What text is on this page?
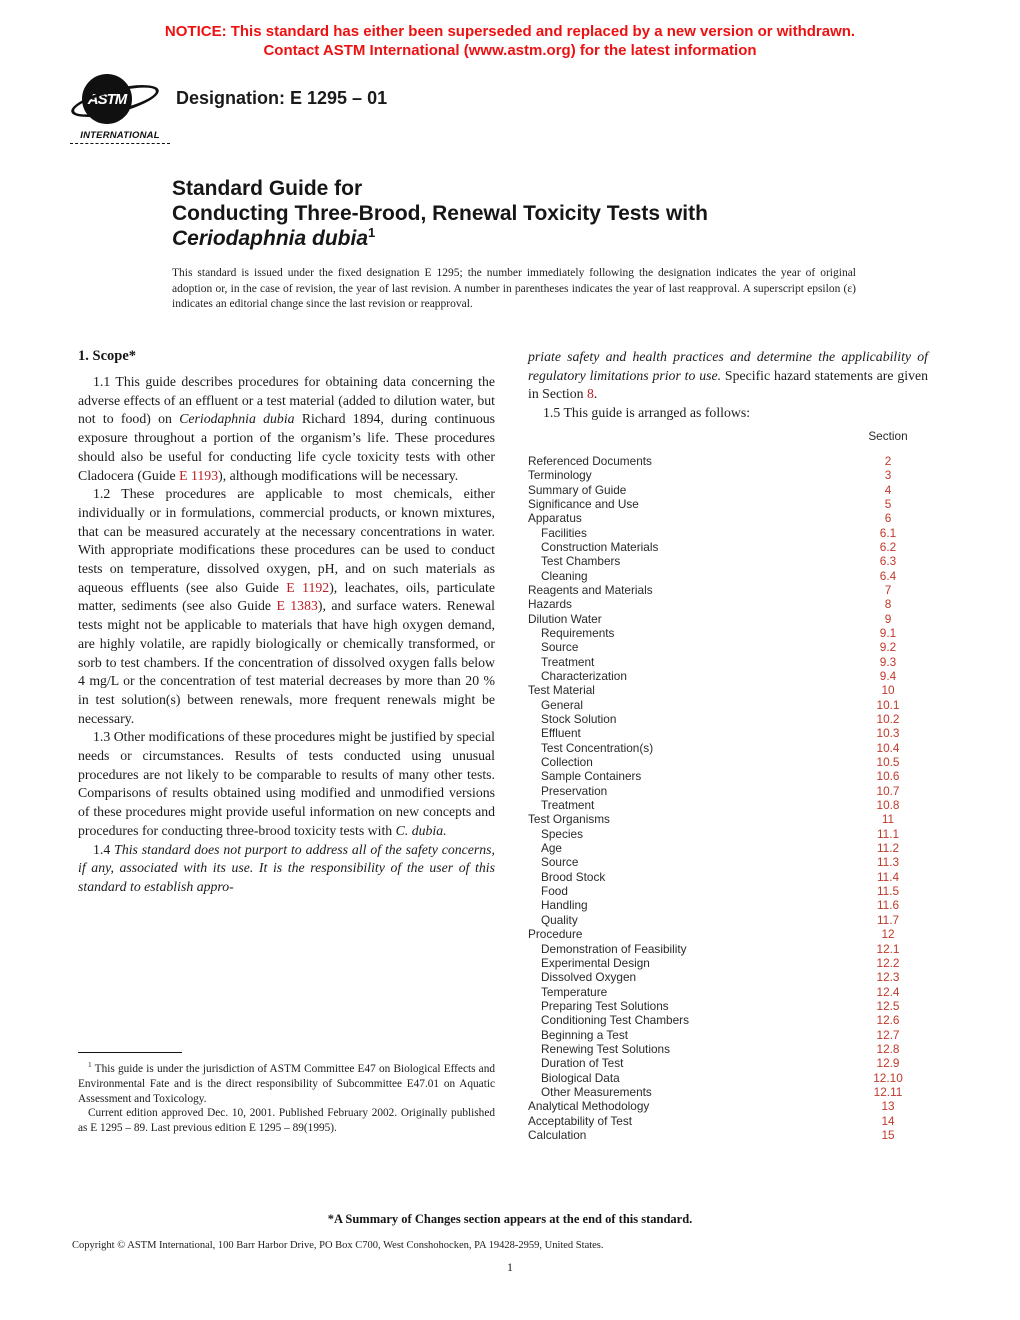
NOTICE: This standard has either been superseded and replaced by a new version or withdrawn.
Contact ASTM International (www.astm.org) for the latest information
ASTM
INTERNATIONAL
Designation: E 1295 – 01
Standard Guide for
Conducting Three-Brood, Renewal Toxicity Tests with
Ceriodaphnia dubia$^1$
This standard is issued under the fixed designation E 1295; the number immediately following the designation indicates the year of original adoption or, in the case of revision, the year of last revision. A number in parentheses indicates the year of last reapproval. A superscript epsilon (ε) indicates an editorial change since the last revision or reapproval.
1. Scope*

1.1 This guide describes procedures for obtaining data concerning the adverse effects of an effluent or a test material (added to dilution water, but not to food) on Ceriodaphnia dubia Richard 1894, during continuous exposure throughout a portion of the organism’s life. These procedures should also be useful for conducting life cycle toxicity tests with other Cladocera (Guide E 1193), although modifications will be necessary.

1.2 These procedures are applicable to most chemicals, either individually or in formulations, commercial products, or known mixtures, that can be measured accurately at the necessary concentrations in water. With appropriate modifications these procedures can be used to conduct tests on temperature, dissolved oxygen, pH, and on such materials as aqueous effluents (see also Guide E 1192), leachates, oils, particulate matter, sediments (see also Guide E 1383), and surface waters. Renewal tests might not be applicable to materials that have high oxygen demand, are highly volatile, are rapidly biologically or chemically transformed, or sorb to test chambers. If the concentration of dissolved oxygen falls below 4 mg/L or the concentration of test material decreases by more than 20 % in test solution(s) between renewals, more frequent renewals might be necessary.

1.3 Other modifications of these procedures might be justified by special needs or circumstances. Results of tests conducted using unusual procedures are not likely to be comparable to results of many other tests. Comparisons of results obtained using modified and unmodified versions of these procedures might provide useful information on new concepts and procedures for conducting three-brood toxicity tests with C. dubia.

1.4 This standard does not purport to address all of the safety concerns, if any, associated with its use. It is the responsibility of the user of this standard to establish appro-

priate safety and health practices and determine the applicability of regulatory limitations prior to use. Specific hazard statements are given in Section 8.

1.5 This guide is arranged as follows:

Section
Referenced Documents	2
Terminology	3
Summary of Guide	4
Significance and Use	5
Apparatus	6
Facilities	6.1
Construction Materials	6.2
Test Chambers	6.3
Cleaning	6.4
Reagents and Materials	7
Hazards	8
Dilution Water	9
Requirements	9.1
Source	9.2
Treatment	9.3
Characterization	9.4
Test Material	10
General	10.1
Stock Solution	10.2
Effluent	10.3
Test Concentration(s)	10.4
Collection	10.5
Sample Containers	10.6
Preservation	10.7
Treatment	10.8
Test Organisms	11
Species	11.1
Age	11.2
Source	11.3
Brood Stock	11.4
Food	11.5
Handling	11.6
Quality	11.7
Procedure	12
Demonstration of Feasibility	12.1
Experimental Design	12.2
Dissolved Oxygen	12.3
Temperature	12.4
Preparing Test Solutions	12.5
Conditioning Test Chambers	12.6
Beginning a Test	12.7
Renewing Test Solutions	12.8
Duration of Test	12.9
Biological Data	12.10
Other Measurements	12.11
Analytical Methodology	13
Acceptability of Test	14
Calculation	15

$^1$ This guide is under the jurisdiction of ASTM Committee E47 on Biological Effects and Environmental Fate and is the direct responsibility of Subcommittee E47.01 on Aquatic Assessment and Toxicology.

Current edition approved Dec. 10, 2001. Published February 2002. Originally published as E 1295 – 89. Last previous edition E 1295 – 89(1995).

*A Summary of Changes section appears at the end of this standard.
Copyright © ASTM International, 100 Barr Harbor Drive, PO Box C700, West Conshohocken, PA 19428-2959, United States.
1
